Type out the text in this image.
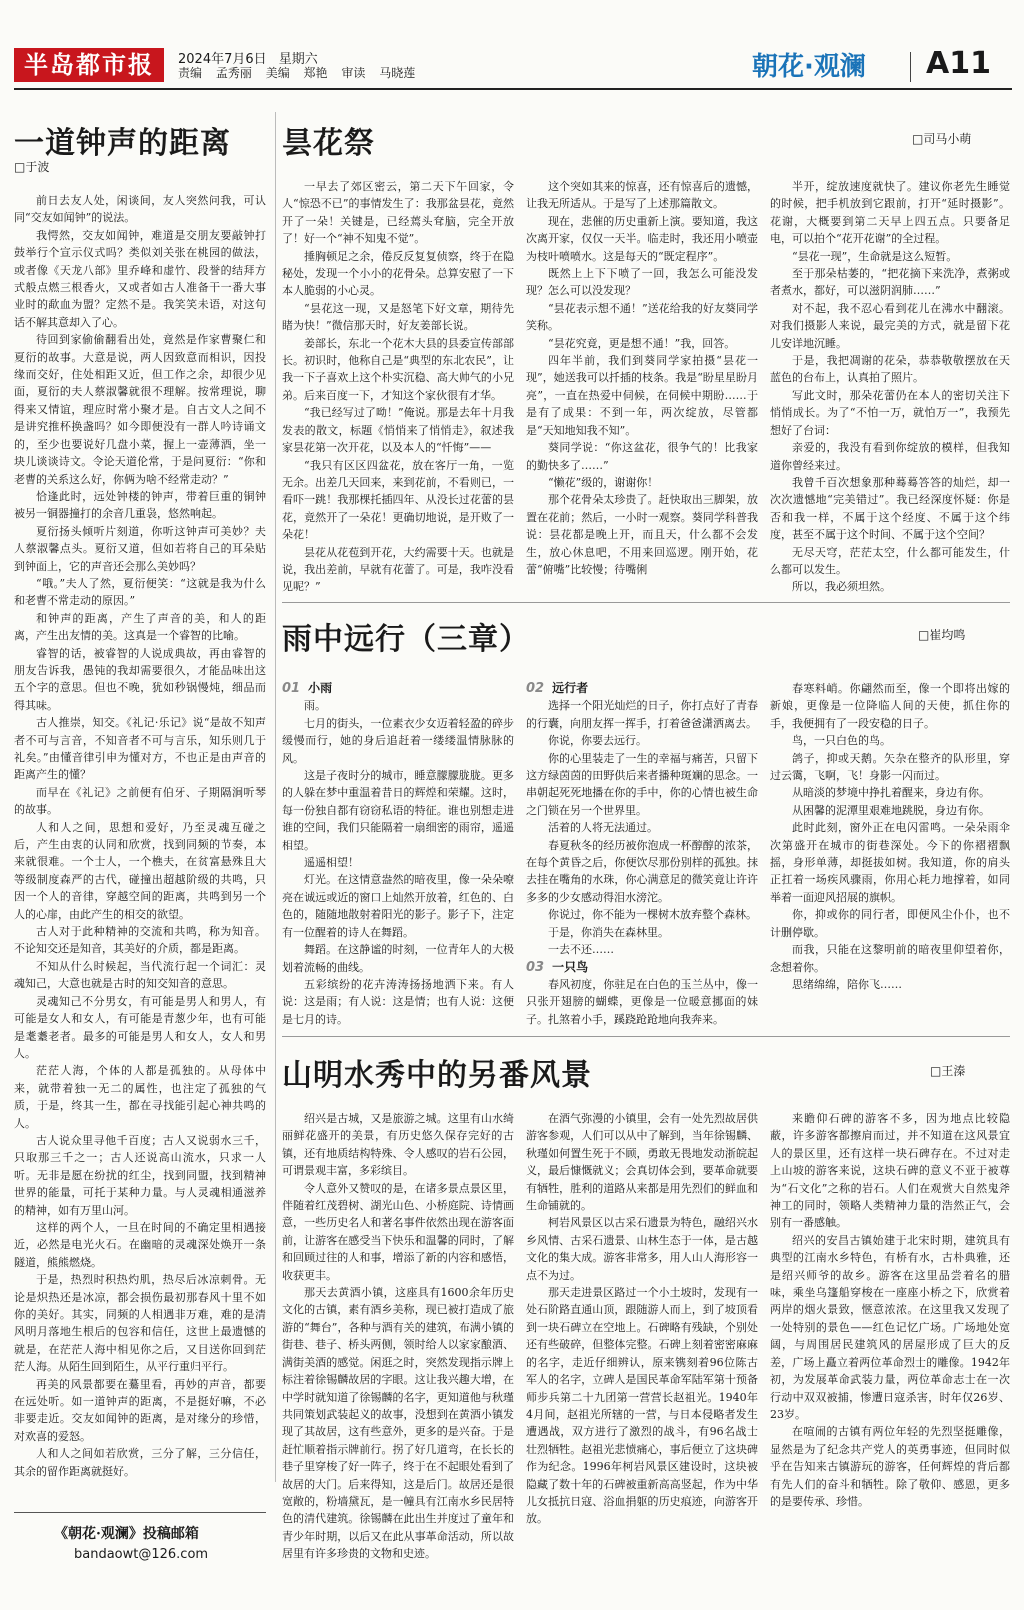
半岛都市报	2024年7月6日 星期六
责编 孟秀丽 美编 郑艳 审读 马晓莲	朝花·观澜 A11
一道钟声的距离
□于波

前日去友人处，闲谈间，友人突然问我，可认同“交友如闻钟”的说法。

我愕然，交友如闻钟，难道是交朋友要敲钟打鼓举行个宣示仪式吗？类似刘关张在桃园的做法，或者像《天龙八部》里乔峰和虚竹、段誉的结拜方式般点燃三根香火，又或者如古人准备干一番大事业时的歃血为盟？定然不是。我笑笑未语，对这句话不解其意却入了心。

待回到家偷偷翻看出处，竟然是作家曹聚仁和夏衍的故事。大意是说，两人因致意而相识，因投缘而交好，住处相距又近，但工作之余，却很少见面，夏衍的夫人蔡淑馨就很不理解。按常理说，聊得来又情谊，理应时常小聚才是。自古文人之间不是讲究推杯换盏吗？如今即便没有一群人吟诗诵文的，至少也要说好几盘小菜，握上一壶薄酒，坐一块儿谈谈诗文。令论天道伦常，于是问夏衍：“你和老曹的关系这么好，你俩为啥不经常走动？”

恰逢此时，远处钟楼的钟声，带着巨重的铜钟被另一铜器撞打的余音几重袅，悠然响起。

夏衍扬头倾听片刻道，你听这钟声可美妙？夫人蔡淑馨点头。夏衍又道，但如若将自己的耳朵贴到钟面上，它的声音还会那么美妙吗？

“哦。”夫人了然，夏衍便笑：“这就是我为什么和老曹不常走动的原因。”

和钟声的距离，产生了声音的美，和人的距离，产生出友情的美。这真是一个睿智的比喻。

睿智的话，被睿智的人说成典故，再由睿智的朋友告诉我，愚钝的我却需要很久，才能品味出这五个字的意思。但也不晚，犹如秒锅慢炖，细品而得其味。

古人推崇，知交。《礼记·乐记》说“是故不知声者不可与言音，不知音者不可与言乐，知乐则几于礼矣。”由懂音律引申为懂对方，不也正是由声音的距离产生的懂？

而早在《礼记》之前便有伯牙、子期隔涧听琴的故事。

人和人之间，思想和爱好，乃至灵魂互碰之后，产生由衷的认同和欣赏，找到同频的节奏，本来就很难。一个士人，一个樵夫，在贫富悬殊且大等级制度森严的古代，碰撞出超越阶级的共鸣，只因一个人的音律，穿越空间的距离，共鸣到另一个人的心扉，由此产生的相交的欲望。

古人对于此种精神的交流和共鸣，称为知音。不论知交还是知音，其美好的介质，都是距离。

不知从什么时候起，当代流行起一个词汇：灵魂知己，大意也就是古时的知交知音的意思。

灵魂知己不分男女，有可能是男人和男人，有可能是女人和女人，有可能是青葱少年，也有可能是耄耋老者。最多的可能是男人和女人，女人和男人。

茫茫人海，个体的人都是孤独的。从母体中来，就带着独一无二的属性，也注定了孤独的气质，于是，终其一生，都在寻找能引起心神共鸣的人。

古人说众里寻他千百度；古人又说弱水三千，只取那三千之一；古人还说高山流水，只求一人听。无非是愿在纷扰的红尘，找到同盟，找到精神世界的能量，可托于某种力量。与人灵魂相通滋养的精神，如有万里山河。

这样的两个人，一旦在时间的不确定里相遇接近，必然是电光火石。在幽暗的灵魂深处焕开一条隧道，熊熊燃烧。

于是，热烈时积热灼肌，热尽后冰凉刺骨。无论是炽热还是冰凉，都会损伤最初那春风十里不如你的美好。其实，同频的人相遇非万难，难的是清风明月落地生根后的包容和信任，这世上最遗憾的就是，在茫茫人海中相见你之后，又目送你回到茫茫人海。从陌生回到陌生，从平行重归平行。

再美的风景都要在驀里看，再妙的声音，都要在远处听。如一道钟声的距离，不是挺好嘛，不必非要走近。交友如闻钟的距离，是对缘分的珍惜，对欢喜的爱怒。

人和人之间如若欣赏，三分了解，三分信任，其余的留作距离就挺好。

《朝花·观澜》投稿邮箱
bandaowt@126.com
昙花祭	□司马小萌

一早去了郊区密云，第二天下午回家，令人“惊恐不已”的事情发生了：我那盆昙花，竟然开了一朵！关键是，已经蔫头耷脑，完全开放了！好一个“神不知鬼不觉”。

捶胸顿足之余，倦反反复复侦察，终于在隐秘处，发现一个小小的花骨朵。总算安慰了一下本人脆弱的小心灵。

“昙花这一现，又是怒笔下好文章，期待先睹为快！”微信那天时，好友姜部长说。

姜部长，东北一个花木大县的县委宣传部部长。初识时，他称自己是“典型的东北农民”，让我一下子喜欢上这个朴实沉稳、高大帅气的小兄弟。后来百度一下，才知这个家伙很有才华。

“我已经写过了呦！”俺说。那是去年十月我发表的散文，标题《悄悄来了悄悄走》，叙述我家昙花第一次开花，以及本人的“忏悔”——

“我只有区区四盆花，放在客厅一角，一览无余。出差几天回来，来到花前，不看则已，一看吓一跳！我那棵托插四年、从没长过花蕾的昙花，竟然开了一朵花！更确切地说，是开败了一朵花！

昙花从花苞到开花，大约需要十天。也就是说，我出差前，早就有花蕾了。可是，我咋没看见呢？”

这个突如其来的惊喜，还有惊喜后的遗憾，让我无所适从。于是写了上述那篇散文。

现在，悲催的历史重新上演。要知道，我这次离开家，仅仅一天半。临走时，我还用小喷壶为枝叶喷喷水。这是每天的“既定程序”。

既然上上下下喷了一回，我怎么可能没发现？怎么可以没发现？

“昙花表示想不通！”送花给我的好友葵同学笑称。

“昙花究竟，更是想不通！”我，回答。

四年半前，我们到葵同学家拍摄“昙花一现”，她送我可以扦插的枝条。我是“盼星星盼月亮”，一直在热爱中伺候，在伺候中期盼……于是有了成果：不到一年，两次绽放，尽管都是“天知地知我不知”。

葵同学说：“你这盆花，很争气的！比我家的勤快多了……”

“懒花”级的，谢谢你！

那个花骨朵太珍贵了。赶快取出三脚架，放置在花前；然后，一小时一观察。葵同学科普我说：昙花都是晚上开，而且天，什么都不会发生，放心休息吧，不用来回巡逻。刚开始，花蕾“俯嘴”比较慢；待嘴俐

半开，绽放速度就快了。建议你老先生睡觉的时候，把手机放到它跟前，打开“延时摄影”。花谢，大概要到第二天早上四五点。只要备足电，可以拍个“花开花谢”的全过程。

“昙花一现”，生命就是这么短暂。

至于那朵枯萎的，“把花摘下来洗净，煮粥或者煮水，都好，可以滋阴润肺……”

对不起，我不忍心看到花儿在沸水中翻滚。对我们摄影人来说，最完美的方式，就是留下花儿安详地沉睡。

于是，我把凋谢的花朵，恭恭敬敬摆放在天蓝色的台布上，认真拍了照片。

写此文时，那朵花蕾仍在本人的密切关注下悄悄成长。为了“不怕一万，就怕万一”，我预先想好了台词：

亲爱的，我没有看到你绽放的模样，但我知道你曾经来过。

我曾千百次想象那种蓦蓦答答的灿烂，却一次次遗憾地“完美错过”。我已经深度怀疑：你是否和我一样，不属于这个经度、不属于这个纬度，甚至不属于这个时间、不属于这个空间？

无尽天穹，茫茫太空，什么都可能发生，什么都可以发生。

所以，我必须坦然。

雨中远行（三章）	□崔均鸣

01 小雨

雨。

七月的街头，一位素衣少女迈着轻盈的碎步缓慢而行，她的身后追赶着一缕缕温情脉脉的风。

这是子夜时分的城市，睡意朦朦胧胧。更多的人躲在梦中重温着昔日的辉煌和荣耀。这时，每一份独自都有窃窃私语的特征。谁也别想走进谁的空间，我们只能隔着一扇细密的雨帘，遥遥相望。

遥遥相望！

灯光。在这情意盎然的暗夜里，像一朵朵嘹亮在诚远或近的窗口上灿然开放着，红色的、白色的，随随地散射着阳光的影子。影子下，注定有一位醒着的诗人在舞蹈。

舞蹈。在这静谧的时刻，一位青年人的大极划着流畅的曲线。

五彩缤纷的花卉涛涛扬扬地洒下来。有人说：这是雨；有人说：这是情；也有人说：这便是七月的诗。

02 远行者

选择一个阳光灿烂的日子，你打点好了青春的行囊，向朋友挥一挥手，打着爸爸潇洒离去。

你说，你要去远行。

你的心里装走了一生的幸福与痛苦，只留下这方绿茵茵的田野供后来者播种斑斓的思念。一串朝起死死地播在你的手中，你的心情也被生命之门锁在另一个世界里。

活着的人将无法通过。

春夏秋冬的经历被你泡成一杯醇醇的浓茶，在每个黄昏之后，你便饮尽那份别样的孤独。抹去挂在嘴角的水珠，你心满意足的微笑竟让许许多多的少女感动得泪水滂沱。

你说过，你不能为一棵树木放弃整个森林。

于是，你消失在森林里。

一去不还……

03 一只鸟

春风初度，你驻足在白色的玉兰丛中，像一只张开翅膀的蝴蝶，更像是一位暖意挪面的妹子。扎煞着小手，蹊跷跄跄地向我奔来。

春寒料峭。你翩然而至，像一个即将出嫁的新娘，更像是一位降临人间的天使，抓住你的手，我便拥有了一段安稳的日子。

鸟，一只白色的鸟。

鸽子，抑或天鹅。矢杂在整齐的队形里，穿过云霭，飞啊，飞！身影一闪而过。

从暗淡的梦境中挣扎着醒来，身边有你。

从困馨的泥潭里艰难地跳脱，身边有你。

此时此刻，窗外正在电闪雷鸣。一朵朵雨伞次第盛开在城市的街巷深处。今下的你褶褶飘摇，身形单薄，却挺拔如树。我知道，你的肩头正扛着一场疾风骤雨，你用心耗力地撑着，如同举着一面迎风招展的旗帜。

你，抑或你的同行者，即便风尘仆仆，也不计删停歇。

而我，只能在这黎明前的暗夜里仰望着你，念想着你。

思绪绵绵，陪你飞……

山明水秀中的另番风景	□王溱

绍兴是古城，又是旅游之城。这里有山水绮丽鲜花盛开的美景，有历史悠久保存完好的古镇，还有地质结构特殊、令人感叹的岩石公园，可谓景观丰富，多彩缤目。

令人意外又赞叹的是，在诸多景点景区里，伴随着红茂碧树、湖光山色、小桥庭院、诗情画意，一些历史名人和著名事件依然出现在游客面前，让游客在感受当下快乐和温馨的同时，了解和回顾过往的人和事，增添了新的内容和感悟，收获更丰。

那天去黄酒小镇，这座具有1600余年历史文化的古镇，素有酒乡美称，现已被打造成了旅游的“舞台”，各种与酒有关的建筑，布满小镇的街巷、巷子、桥头两侧，领时给人以家家酿酒、满街美酒的感觉。闲逛之时，突然发现指示牌上标注着徐锡麟故居的字眼。这让我兴趣大增，在中学时就知道了徐锡麟的名字，更知道他与秋瑾共同策划武装起义的故事，没想到在黄酒小镇发现了其故居，这有些意外，更多的是兴奋。于是赶忙顺着指示牌前行。拐了好几道弯，在长长的巷子里穿梭了好一阵子，终于在不起眼处看到了故居的大门。后来得知，这是后门。故居还是很宽敞的，粉墙黛瓦，是一幢具有江南水乡民居特色的清代建筑。徐锡麟在此出生并度过了童年和青少年时期，以后又在此从事革命活动，所以故居里有许多珍贵的文物和史迹。

在酒气弥漫的小镇里，会有一处先烈故居供游客参观，人们可以从中了解到，当年徐锡麟、秋瑾如何置生死于不顾，勇敢无畏地发动浙皖起义，最后慷慨就义；会真切体会到，要革命就要有牺牲，胜利的道路从来都是用先烈们的鲜血和生命铺就的。

柯岩风景区以古采石遗景为特色，融绍兴水乡风情、古采石遗景、山林生态于一体，是古越文化的集大成。游客非常多，用人山人海形容一点不为过。

那天走进景区路过一个小土坡时，发现有一处石阶路直通山顶，跟随游人而上，到了坡顶看到一块石碑立在空地上。石碑略有残缺，个别处还有些破碎，但整体完整。石碑上刻着密密麻麻的名字，走近仔细辨认，原来镌刻着96位陈古军人的名字，立碑人是国民革命军陆军第十预备师步兵第二十九团第一营营长赵祖光。1940年4月间，赵祖光所辖的一营，与日本侵略者发生遭遇战，双方进行了激烈的战斗，有96名战士壮烈牺牲。赵祖光悲愤痛心，事后便立了这块碑作为纪念。1996年柯岩风景区建设时，这块被隐藏了数十年的石碑被重新高高竖起，作为中华儿女抵抗日寇、浴血捐躯的历史痕迹，向游客开放。

来瞻仰石碑的游客不多，因为地点比较隐蔽，许多游客都擦肩而过，并不知道在这风景宜人的景区里，还有这样一块石碑存在。不过对走上山坡的游客来说，这块石碑的意义不亚于被尊为“石文化”之称的岩石。人们在观赏大自然鬼斧神工的同时，领略人类精神力量的浩然正气，会别有一番感触。

绍兴的安昌古镇始建于北宋时期，建筑具有典型的江南水乡特色，有桥有水，古朴典雅，还是绍兴师爷的故乡。游客在这里品尝着名的腊味，乘坐乌篷船穿梭在一座座小桥之下，欣赏着两岸的烟火景致，惬意浓浓。在这里我又发现了一处特别的景色——红色记忆广场。广场地处宽阔，与周围居民建筑风的居屋形成了巨大的反差，广场上矗立着两位革命烈士的雕像。1942年初，为发展革命武装力量，两位革命志士在一次行动中双双被捕，惨遭日寇杀害，时年仅26岁、23岁。

在喧闹的古镇有两位年轻的先烈坚挺雕像，显然是为了纪念共产党人的英勇事迹，但同时似乎在告知来古镇游玩的游客，任何辉煌的背后都有先人们的奋斗和牺牲。除了敬仰、感恩，更多的是要传承、珍惜。
